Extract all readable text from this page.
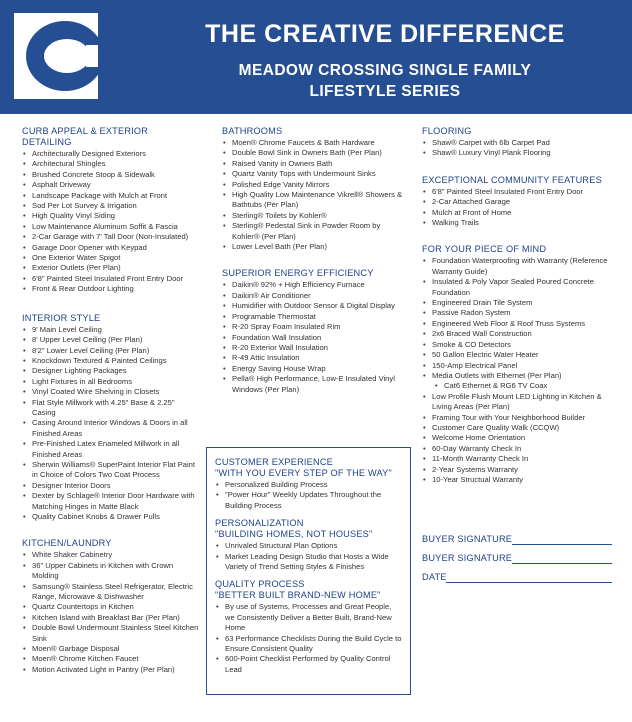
THE CREATIVE DIFFERENCE
MEADOW CROSSING SINGLE FAMILY
LIFESTYLE SERIES
CURB APPEAL & EXTERIOR DETAILING
• Architecturally Designed Exteriors
• Architectural Shingles
• Brushed Concrete Stoop & Sidewalk
• Asphalt Driveway
• Landscape Package with Mulch at Front
• Sod Per Lot Survey & Irrigation
• High Quality Vinyl Siding
• Low Maintenance Aluminum Soffit & Fascia
• 2-Car Garage with 7' Tall Door (Non-Insulated)
• Garage Door Opener with Keypad
• One Exterior Water Spigot
• Exterior Outlets (Per Plan)
• 6'8" Painted Steel Insulated Front Entry Door
• Front & Rear Outdoor Lighting
INTERIOR STYLE
• 9' Main Level Ceiling
• 8' Upper Level Ceiling (Per Plan)
• 8'2" Lower Level Ceiling (Per Plan)
• Knockdown Textured & Painted Ceilings
• Designer Lighting Packages
• Light Fixtures in all Bedrooms
• Vinyl Coated Wire Shelving in Closets
• Flat Style Millwork with 4.25" Base & 2.25" Casing
• Casing Around Interior Windows & Doors in all Finished Areas
• Pre-Finished Latex Enameled Millwork in all Finished Areas
• Sherwin Williams® SuperPaint Interior Flat Paint in Choice of Colors Two Coat Process
• Designer Interior Doors
• Dexter by Schlage® Interior Door Hardware with Matching Hinges in Matte Black
• Quality Cabinet Knobs & Drawer Pulls
KITCHEN/LAUNDRY
• White Shaker Cabinetry
• 36" Upper Cabinets in Kitchen with Crown Molding
• Samsung® Stainless Steel Refrigerator, Electric Range, Microwave & Dishwasher
• Quartz Countertops in Kitchen
• Kitchen Island with Breakfast Bar (Per Plan)
• Double Bowl Undermount Stainless Steel Kitchen Sink
• Moen® Garbage Disposal
• Moen® Chrome Kitchen Faucet
• Motion Activated Light in Pantry (Per Plan)
BATHROOMS
• Moen® Chrome Faucets & Bath Hardware
• Double Bowl Sink in Owners Bath (Per Plan)
• Raised Vanity in Owners Bath
• Quartz Vanity Tops with Undermount Sinks
• Polished Edge Vanity Mirrors
• High Quality Low Maintenance Vikrell® Showers & Bathtubs (Per Plan)
• Sterling® Toilets by Kohler®
• Sterling® Pedestal Sink in Powder Room by Kohler® (Per Plan)
• Lower Level Bath (Per Plan)
SUPERIOR ENERGY EFFICIENCY
• Daikin® 92% + High Efficiency Furnace
• Daikin® Air Conditioner
• Humidifier with Outdoor Sensor & Digital Display
• Programable Thermostat
• R-20 Spray Foam Insulated Rim
• Foundation Wall Insulation
• R-20 Exterior Wall Insulation
• R-49 Attic Insulation
• Energy Saving House Wrap
• Pella® High Performance, Low-E Insulated Vinyl Windows (Per Plan)
CUSTOMER EXPERIENCE
"WITH YOU EVERY STEP OF THE WAY"
• Personalized Building Process
• "Power Hour" Weekly Updates Throughout the Building Process
PERSONALIZATION
"BUILDING HOMES, NOT HOUSES"
• Unrivaled Structural Plan Options
• Market Leading Design Studio that Hosts a Wide Variety of Trend Setting Styles & Finishes
QUALITY PROCESS
"BETTER BUILT BRAND-NEW HOME"
• By use of Systems, Processes and Great People, we Consistently Deliver a Better Built, Brand-New Home
• 63 Performance Checklists During the Build Cycle to Ensure Consistent Quality
• 600-Point Checklist Performed by Quality Control Lead
FLOORING
• Shaw® Carpet with 6lb Carpet Pad
• Shaw® Luxury Vinyl Plank Flooring
EXCEPTIONAL COMMUNITY FEATURES
• 6'8" Painted Steel Insulated Front Entry Door
• 2-Car Attached Garage
• Mulch at Front of Home
• Walking Trails
FOR YOUR PIECE OF MIND
• Foundation Waterproofing with Warranty (Reference Warranty Guide)
• Insulated & Poly Vapor Sealed Poured Concrete Foundation
• Engineered Drain Tile System
• Passive Radon System
• Engineered Web Floor & Roof Truss Systems
• 2x6 Braced Wall Construction
• Smoke & CO Detectors
• 50 Gallon Electric Water Heater
• 150-Amp Electrical Panel
• Media Outlets with Ethernet (Per Plan)
• Cat6 Ethernet & RG6 TV Coax
• Low Profile Flush Mount LED Lighting in Kitchen & Living Areas (Per Plan)
• Framing Tour with Your Neighborhood Builder
• Customer Care Quality Walk (CCQW)
• Welcome Home Orientation
• 60-Day Warranty Check In
• 11-Month Warranty Check In
• 2-Year Systems Warranty
• 10-Year Structual Warranty
BUYER SIGNATURE
BUYER SIGNATURE
DATE
